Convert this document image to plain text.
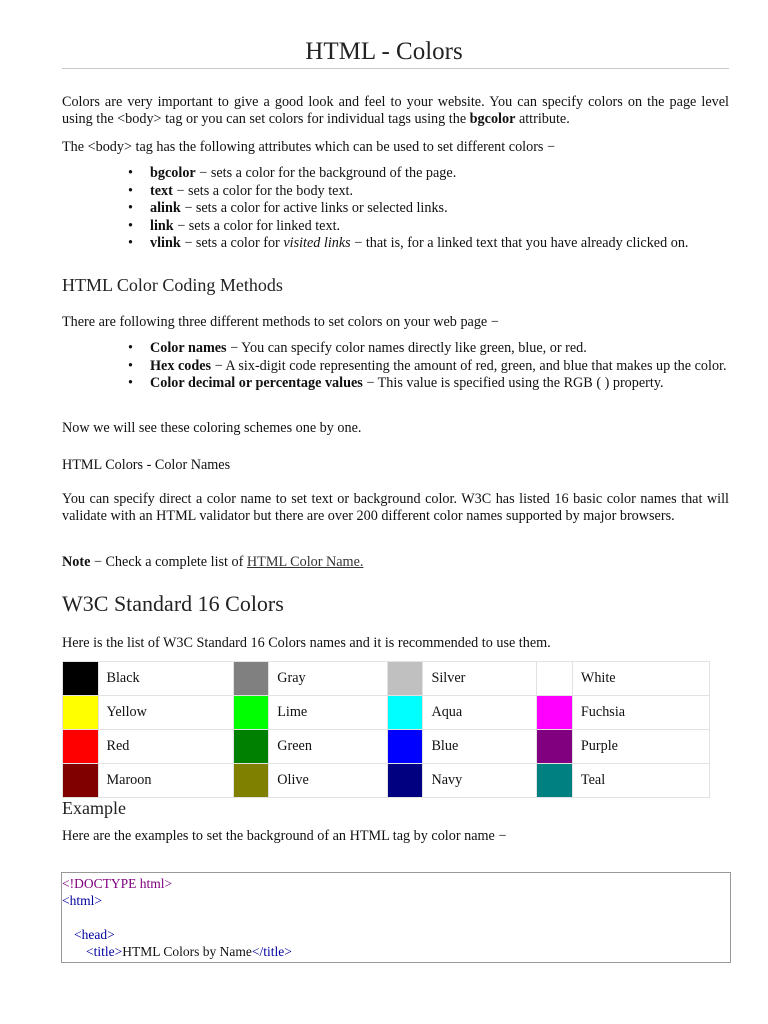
HTML - Colors

Colors are very important to give a good look and feel to your website. You can specify colors on the page level using the <body> tag or you can set colors for individual tags using the bgcolor attribute.

The <body> tag has the following attributes which can be used to set different colors −

• bgcolor − sets a color for the background of the page.
• text − sets a color for the body text.
• alink − sets a color for active links or selected links.
• link − sets a color for linked text.
• vlink − sets a color for visited links − that is, for a linked text that you have already clicked on.
HTML Color Coding Methods

There are following three different methods to set colors on your web page −

• Color names − You can specify color names directly like green, blue, or red.
• Hex codes − A six-digit code representing the amount of red, green, and blue that makes up the color.
• Color decimal or percentage values − This value is specified using the RGB ( ) property.

Now we will see these coloring schemes one by one.

HTML Colors - Color Names

You can specify direct a color name to set text or background color. W3C has listed 16 basic color names that will validate with an HTML validator but there are over 200 different color names supported by major browsers.

Note − Check a complete list of HTML Color Name.

W3C Standard 16 Colors

Here is the list of W3C Standard 16 Colors names and it is recommended to use them.

	Black		Gray		Silver		White
	Yellow		Lime		Aqua		Fuchsia
	Red		Green		Blue		Purple
	Maroon		Olive		Navy		Teal
Example

Here are the examples to set the background of an HTML tag by color name −

<!DOCTYPE html>
<html>

<head>
<title>HTML Colors by Name</title>
